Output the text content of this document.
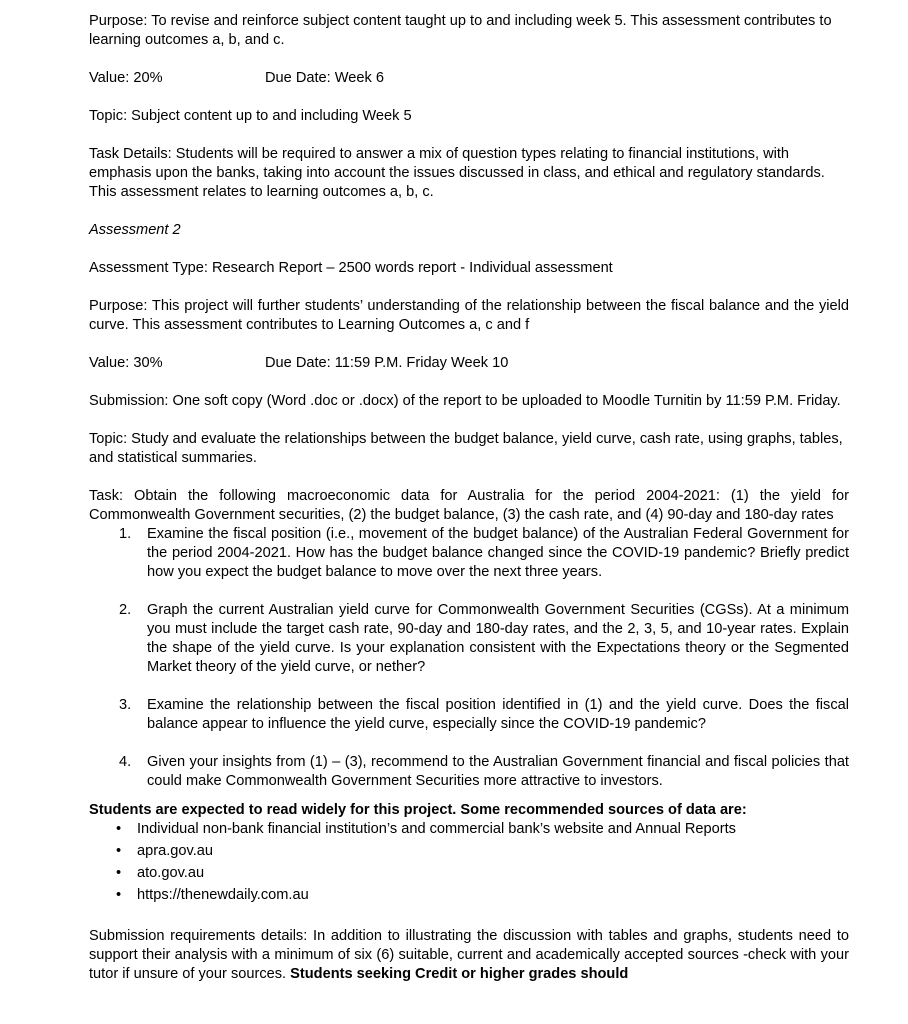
Purpose: To revise and reinforce subject content taught up to and including week 5. This assessment contributes to learning outcomes a, b, and c.

Value: 20%	Due Date: Week 6

Topic: Subject content up to and including Week 5

Task Details: Students will be required to answer a mix of question types relating to financial institutions, with emphasis upon the banks, taking into account the issues discussed in class, and ethical and regulatory standards. This assessment relates to learning outcomes a, b, c.

Assessment 2

Assessment Type: Research Report – 2500 words report - Individual assessment

Purpose: This project will further students’ understanding of the relationship between the fiscal balance and the yield curve. This assessment contributes to Learning Outcomes a, c and f

Value: 30%	Due Date: 11:59 P.M. Friday Week 10

Submission: One soft copy (Word .doc or .docx) of the report to be uploaded to Moodle Turnitin by 11:59 P.M. Friday.

Topic: Study and evaluate the relationships between the budget balance, yield curve, cash rate, using graphs, tables, and statistical summaries.

Task: Obtain the following macroeconomic data for Australia for the period 2004-2021: (1) the yield for Commonwealth Government securities, (2) the budget balance, (3) the cash rate, and (4) 90-day and 180-day rates

1. Examine the fiscal position (i.e., movement of the budget balance) of the Australian Federal Government for the period 2004-2021. How has the budget balance changed since the COVID-19 pandemic? Briefly predict how you expect the budget balance to move over the next three years.
2. Graph the current Australian yield curve for Commonwealth Government Securities (CGSs). At a minimum you must include the target cash rate, 90-day and 180-day rates, and the 2, 3, 5, and 10-year rates. Explain the shape of the yield curve. Is your explanation consistent with the Expectations theory or the Segmented Market theory of the yield curve, or nether?
3. Examine the relationship between the fiscal position identified in (1) and the yield curve. Does the fiscal balance appear to influence the yield curve, especially since the COVID-19 pandemic?
4. Given your insights from (1) – (3), recommend to the Australian Government financial and fiscal policies that could make Commonwealth Government Securities more attractive to investors.

Students are expected to read widely for this project. Some recommended sources of data are:

• Individual non-bank financial institution’s and commercial bank’s website and Annual Reports
• apra.gov.au
• ato.gov.au
• https://thenewdaily.com.au

Submission requirements details: In addition to illustrating the discussion with tables and graphs, students need to support their analysis with a minimum of six (6) suitable, current and academically accepted sources -check with your tutor if unsure of your sources. Students seeking Credit or higher grades should
